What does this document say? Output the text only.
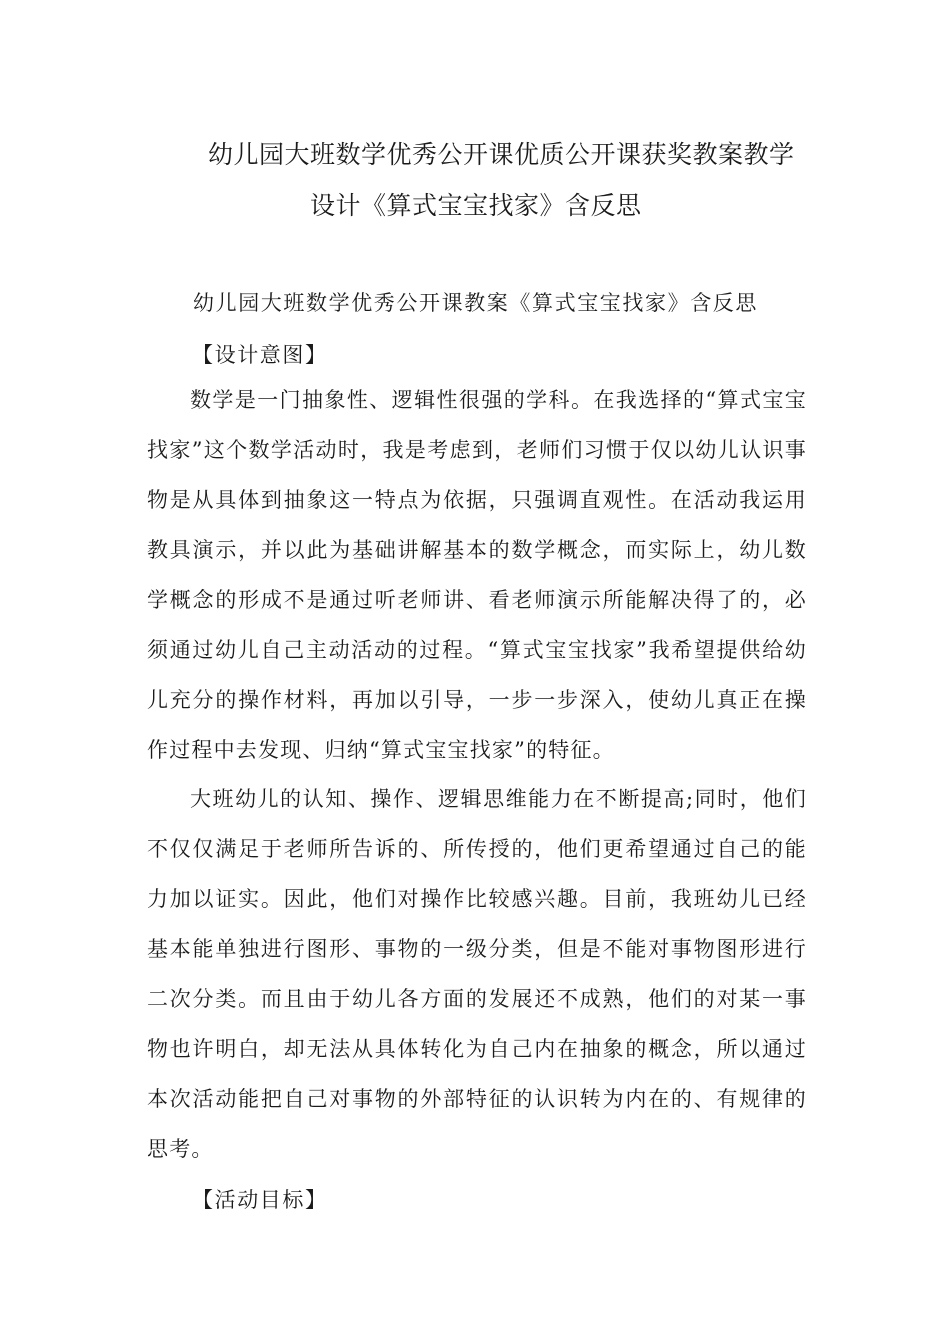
幼儿园大班数学优秀公开课优质公开课获奖教案教学
设计《算式宝宝找家》含反思
幼儿园大班数学优秀公开课教案《算式宝宝找家》含反思
【设计意图】

数学是一门抽象性、逻辑性很强的学科。在我选择的“算式宝宝找家”这个数学活动时，我是考虑到，老师们习惯于仅以幼儿认识事物是从具体到抽象这一特点为依据，只强调直观性。在活动我运用教具演示，并以此为基础讲解基本的数学概念，而实际上，幼儿数学概念的形成不是通过听老师讲、看老师演示所能解决得了的，必须通过幼儿自己主动活动的过程。“算式宝宝找家”我希望提供给幼儿充分的操作材料，再加以引导，一步一步深入，使幼儿真正在操作过程中去发现、归纳“算式宝宝找家”的特征。

大班幼儿的认知、操作、逻辑思维能力在不断提高;同时，他们不仅仅满足于老师所告诉的、所传授的，他们更希望通过自己的能力加以证实。因此，他们对操作比较感兴趣。目前，我班幼儿已经基本能单独进行图形、事物的一级分类，但是不能对事物图形进行二次分类。而且由于幼儿各方面的发展还不成熟，他们的对某一事物也许明白，却无法从具体转化为自己内在抽象的概念，所以通过本次活动能把自己对事物的外部特征的认识转为内在的、有规律的思考。

【活动目标】
